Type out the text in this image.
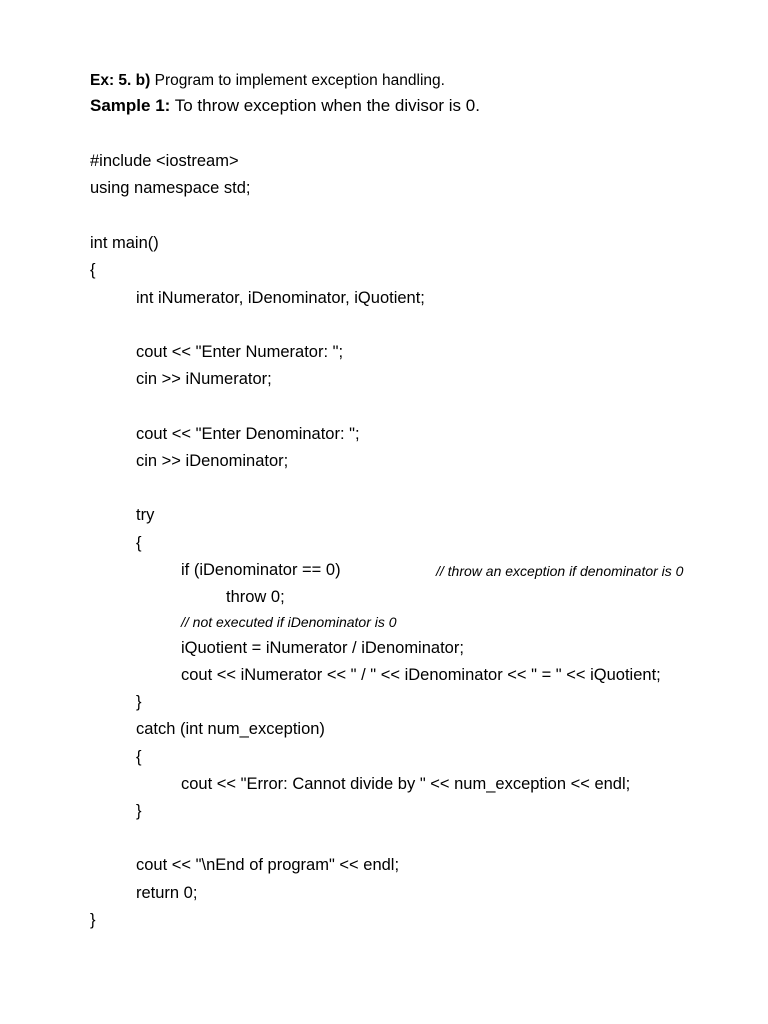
Ex: 5. b) Program to implement exception handling.
Sample 1: To throw exception when the divisor is 0.
#include <iostream>
using namespace std;
int main()
{
int iNumerator, iDenominator, iQuotient;
cout << "Enter Numerator: ";
cin >> iNumerator;
cout << "Enter Denominator: ";
cin >> iDenominator;
try
{
if (iDenominator == 0)	// throw an exception if denominator is 0
throw 0;
// not executed if iDenominator is 0
iQuotient = iNumerator / iDenominator;
cout << iNumerator << " / " << iDenominator << " = " << iQuotient;
}
catch (int num_exception)
{
cout << "Error: Cannot divide by " << num_exception << endl;
}
cout << "\nEnd of program" << endl;
return 0;
}
